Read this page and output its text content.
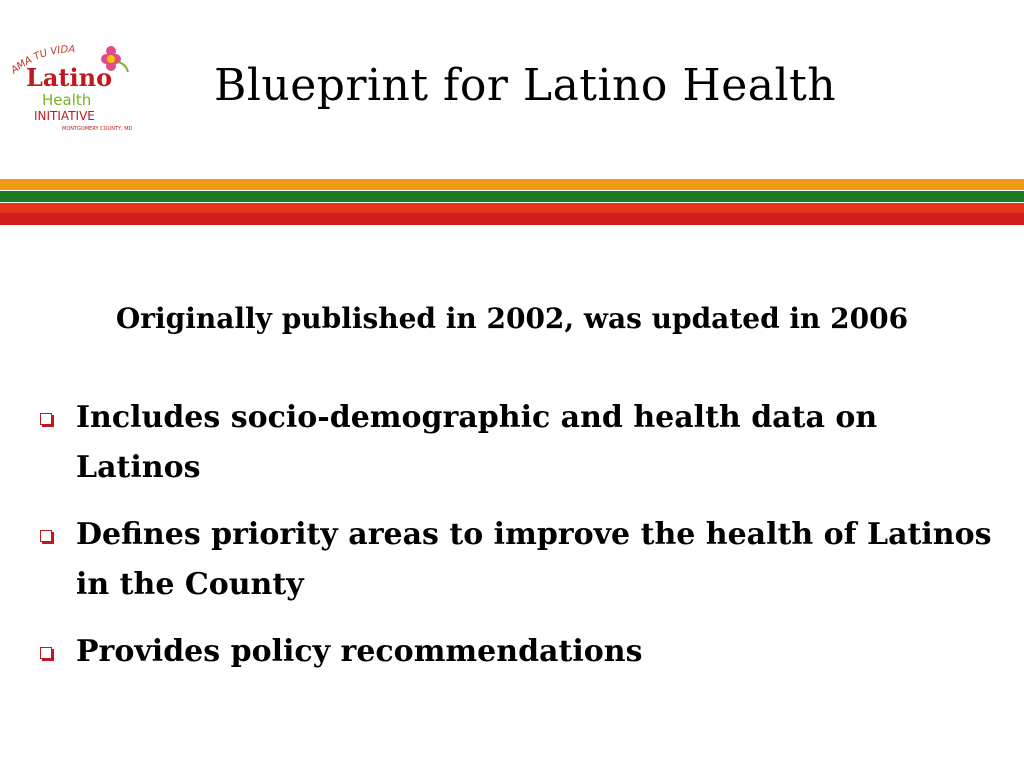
AMA TU VIDA
Latino
Health
INITIATIVE
MONTGOMERY COUNTY, MD
Blueprint for Latino Health

Originally published in 2002, was updated in 2006

Includes socio-demographic and health data on Latinos
Defines priority areas to improve the health of Latinos in the County
Provides policy recommendations
